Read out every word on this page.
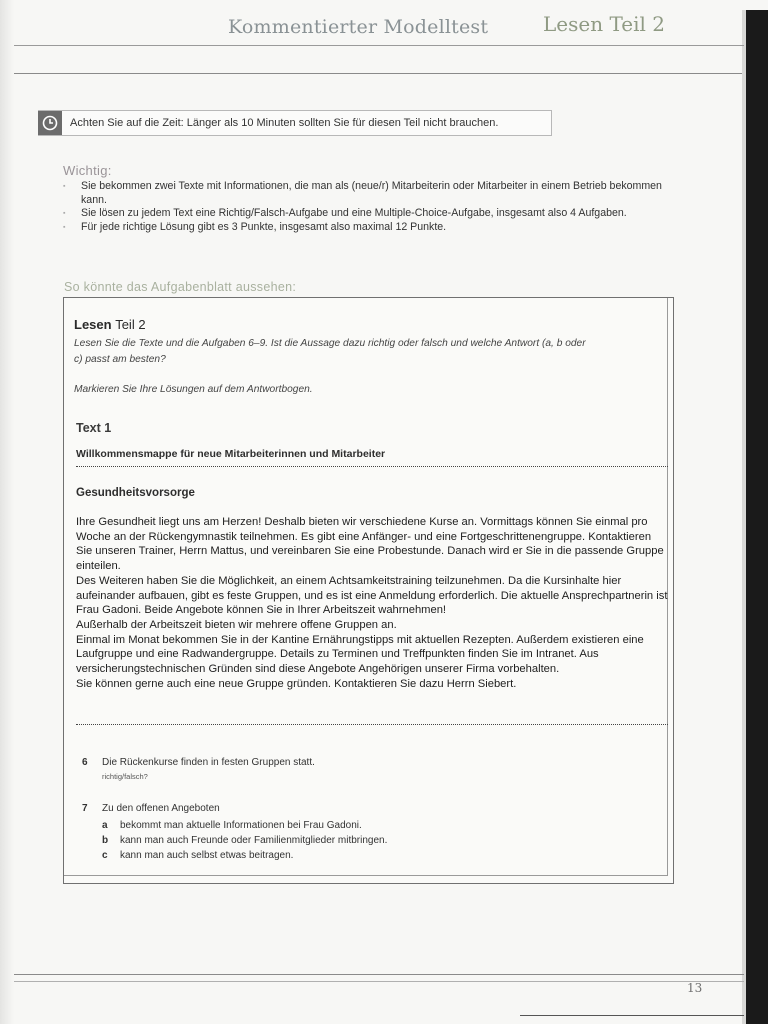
Kommentierter Modelltest	Lesen Teil 2
Achten Sie auf die Zeit: Länger als 10 Minuten sollten Sie für diesen Teil nicht brauchen.
Wichtig:
▪ Sie bekommen zwei Texte mit Informationen, die man als (neue/r) Mitarbeiterin oder Mitarbeiter in einem Betrieb bekommen kann.
▪ Sie lösen zu jedem Text eine Richtig/Falsch-Aufgabe und eine Multiple-Choice-Aufgabe, insgesamt also 4 Aufgaben.
▪ Für jede richtige Lösung gibt es 3 Punkte, insgesamt also maximal 12 Punkte.
So könnte das Aufgabenblatt aussehen:
Lesen Teil 2
Lesen Sie die Texte und die Aufgaben 6–9. Ist die Aussage dazu richtig oder falsch und welche Antwort (a, b oder c) passt am besten?
Markieren Sie Ihre Lösungen auf dem Antwortbogen.
Text 1
Willkommensmappe für neue Mitarbeiterinnen und Mitarbeiter
Gesundheitsvorsorge

Ihre Gesundheit liegt uns am Herzen! Deshalb bieten wir verschiedene Kurse an. Vormittags können Sie einmal pro Woche an der Rückengymnastik teilnehmen. Es gibt eine Anfänger- und eine Fortgeschrittenengruppe. Kontaktieren Sie unseren Trainer, Herrn Mattus, und vereinbaren Sie eine Probestunde. Danach wird er Sie in die passende Gruppe einteilen.

Des Weiteren haben Sie die Möglichkeit, an einem Achtsamkeitstraining teilzunehmen. Da die Kursinhalte hier aufeinander aufbauen, gibt es feste Gruppen, und es ist eine Anmeldung erforderlich. Die aktuelle Ansprechpartnerin ist Frau Gadoni. Beide Angebote können Sie in Ihrer Arbeitszeit wahrnehmen!

Außerhalb der Arbeitszeit bieten wir mehrere offene Gruppen an.

Einmal im Monat bekommen Sie in der Kantine Ernährungstipps mit aktuellen Rezepten. Außerdem existieren eine Laufgruppe und eine Radwandergruppe. Details zu Terminen und Treffpunkten finden Sie im Intranet. Aus versicherungstechnischen Gründen sind diese Angebote Angehörigen unserer Firma vorbehalten.

Sie können gerne auch eine neue Gruppe gründen. Kontaktieren Sie dazu Herrn Siebert.

6 Die Rückenkurse finden in festen Gruppen statt.
richtig/falsch?
7 Zu den offenen Angeboten
a bekommt man aktuelle Informationen bei Frau Gadoni.
b kann man auch Freunde oder Familienmitglieder mitbringen.
c kann man auch selbst etwas beitragen.
13
